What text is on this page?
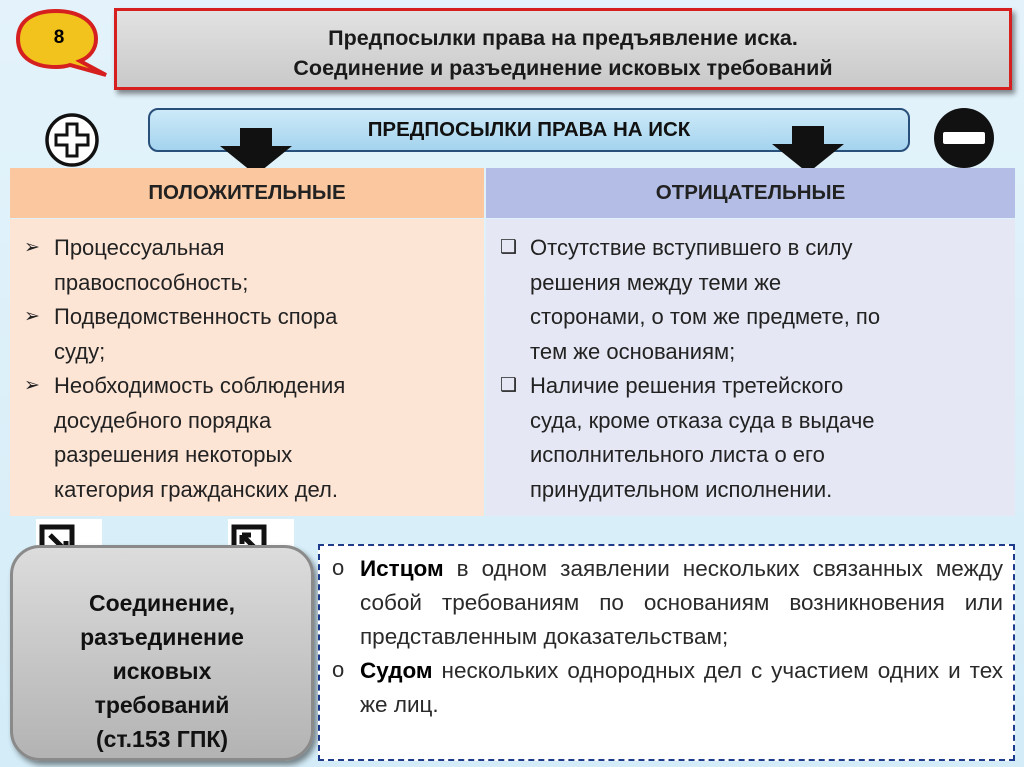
8	Предпосылки права на предъявление иска.
Соединение и разъединение исковых требований
ПРЕДПОСЫЛКИ ПРАВА НА ИСК
ПОЛОЖИТЕЛЬНЫЕ	ОТРИЦАТЕЛЬНЫЕ
➢ Процессуальная
правоспособность;
➢ Подведомственность спора
суду;
➢ Необходимость соблюдения
досудебного порядка
разрешения некоторых
категория гражданских дел.
❑ Отсутствие вступившего в силу
решения между теми же
сторонами, о том же предмете, по
тем же основаниям;
❑ Наличие решения третейского
суда, кроме отказа суда в выдаче
исполнительного листа о его
принудительном исполнении.
Соединение,
разъединение
исковых
требований
(ст.153 ГПК)
o Истцом в одном заявлении нескольких связанных между собой требованиям по основаниям возникновения или представленным доказательствам;
o Судом нескольких однородных дел с участием одних и тех же лиц.
